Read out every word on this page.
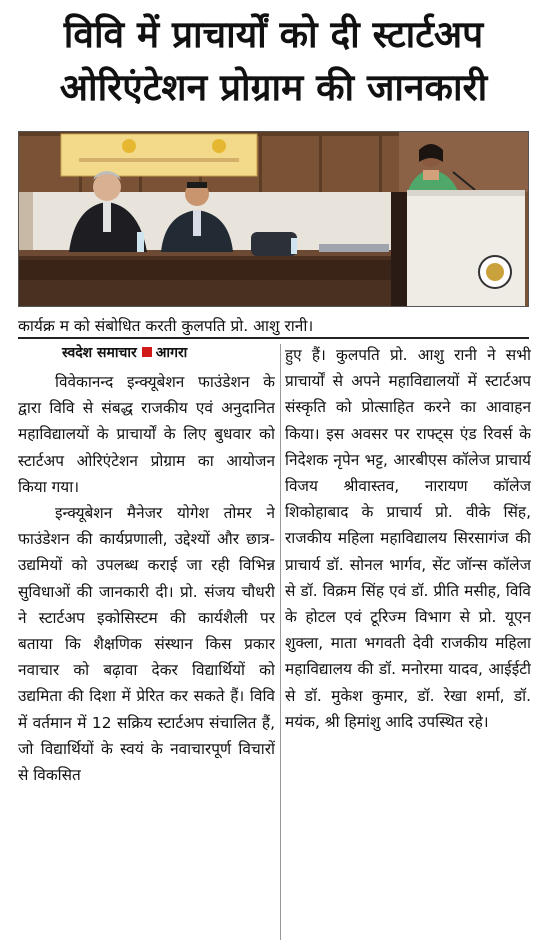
विवि में प्राचार्यों को दी स्टार्टअप
ओरिएंटेशन प्रोग्राम की जानकारी
कार्यक्र म को संबोधित करती कुलपति प्रो. आशु रानी।
स्वदेश समाचार आगरा

विवेकानन्द इन्क्यूबेशन फाउंडेशन के द्वारा विवि से संबद्ध राजकीय एवं अनुदानित महाविद्यालयों के प्राचार्यों के लिए बुधवार को स्टार्टअप ओरिएंटेशन प्रोग्राम का आयोजन किया गया।

इन्क्यूबेशन मैनेजर योगेश तोमर ने फाउंडेशन की कार्यप्रणाली, उद्देश्यों और छात्र-उद्यमियों को उपलब्ध कराई जा रही विभिन्न सुविधाओं की जानकारी दी। प्रो. संजय चौधरी ने स्टार्टअप इकोसिस्टम की कार्यशैली पर बताया कि शैक्षणिक संस्थान किस प्रकार नवाचार को बढ़ावा देकर विद्यार्थियों को उद्यमिता की दिशा में प्रेरित कर सकते हैं। विवि में वर्तमान में 12 सक्रिय स्टार्टअप संचालित हैं, जो विद्यार्थियों के स्वयं के नवाचारपूर्ण विचारों से विकसित

हुए हैं। कुलपति प्रो. आशु रानी ने सभी प्राचार्यों से अपने महाविद्यालयों में स्टार्टअप संस्कृति को प्रोत्साहित करने का आवाहन किया। इस अवसर पर राफ्ट्स एंड रिवर्स के निदेशक नृपेन भट्ट, आरबीएस कॉलेज प्राचार्य विजय श्रीवास्तव, नारायण कॉलेज शिकोहाबाद के प्राचार्य प्रो. वीके सिंह, राजकीय महिला महाविद्यालय सिरसागंज की प्राचार्य डॉ. सोनल भार्गव, सेंट जॉन्स कॉलेज से डॉ. विक्रम सिंह एवं डॉ. प्रीति मसीह, विवि के होटल एवं टूरिज्म विभाग से प्रो. यूएन शुक्ला, माता भगवती देवी राजकीय महिला महाविद्यालय की डॉ. मनोरमा यादव, आईईटी से डॉ. मुकेश कुमार, डॉ. रेखा शर्मा, डॉ. मयंक, श्री हिमांशु आदि उपस्थित रहे।
